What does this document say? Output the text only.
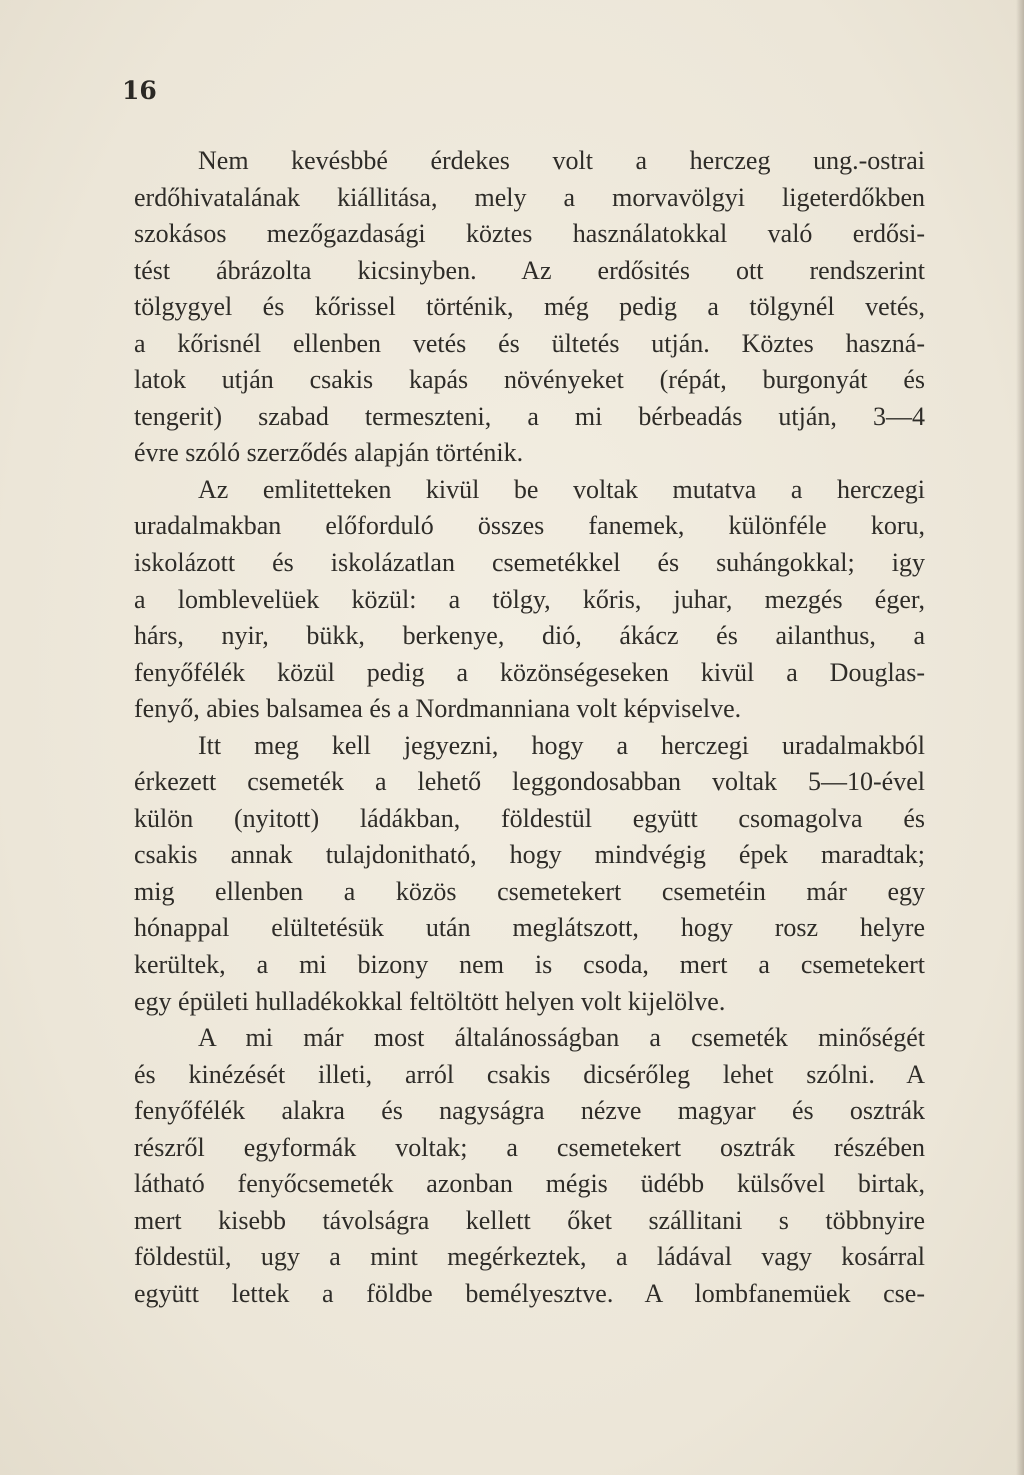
16
Nem kevésbbé érdekes volt a herczeg ung.-ostrai
erdőhivatalának kiállitása, mely a morvavölgyi ligeterdőkben
szokásos mezőgazdasági köztes használatokkal való erdősi-
tést ábrázolta kicsinyben. Az erdősités ott rendszerint
tölgygyel és kőrissel történik, még pedig a tölgynél vetés,
a kőrisnél ellenben vetés és ültetés utján. Köztes haszná-
latok utján csakis kapás növényeket (répát, burgonyát és
tengerit) szabad termeszteni, a mi bérbeadás utján, 3—4
évre szóló szerződés alapján történik.
Az emlitetteken kivül be voltak mutatva a herczegi
uradalmakban előforduló összes fanemek, különféle koru,
iskolázott és iskolázatlan csemetékkel és suhángokkal; igy
a lomblevelüek közül: a tölgy, kőris, juhar, mezgés éger,
hárs, nyir, bükk, berkenye, dió, ákácz és ailanthus, a
fenyőfélék közül pedig a közönségeseken kivül a Douglas-
fenyő, abies balsamea és a Nordmanniana volt képviselve.
Itt meg kell jegyezni, hogy a herczegi uradalmakból
érkezett csemeték a lehető leggondosabban voltak 5—10-ével
külön (nyitott) ládákban, földestül együtt csomagolva és
csakis annak tulajdonitható, hogy mindvégig épek maradtak;
mig ellenben a közös csemetekert csemetéin már egy
hónappal elültetésük után meglátszott, hogy rosz helyre
kerültek, a mi bizony nem is csoda, mert a csemetekert
egy épületi hulladékokkal feltöltött helyen volt kijelölve.
A mi már most általánosságban a csemeték minőségét
és kinézését illeti, arról csakis dicsérőleg lehet szólni. A
fenyőfélék alakra és nagyságra nézve magyar és osztrák
részről egyformák voltak; a csemetekert osztrák részében
látható fenyőcsemeték azonban mégis üdébb külsővel birtak,
mert kisebb távolságra kellett őket szállitani s többnyire
földestül, ugy a mint megérkeztek, a ládával vagy kosárral
együtt lettek a földbe bemélyesztve. A lombfanemüek cse-
